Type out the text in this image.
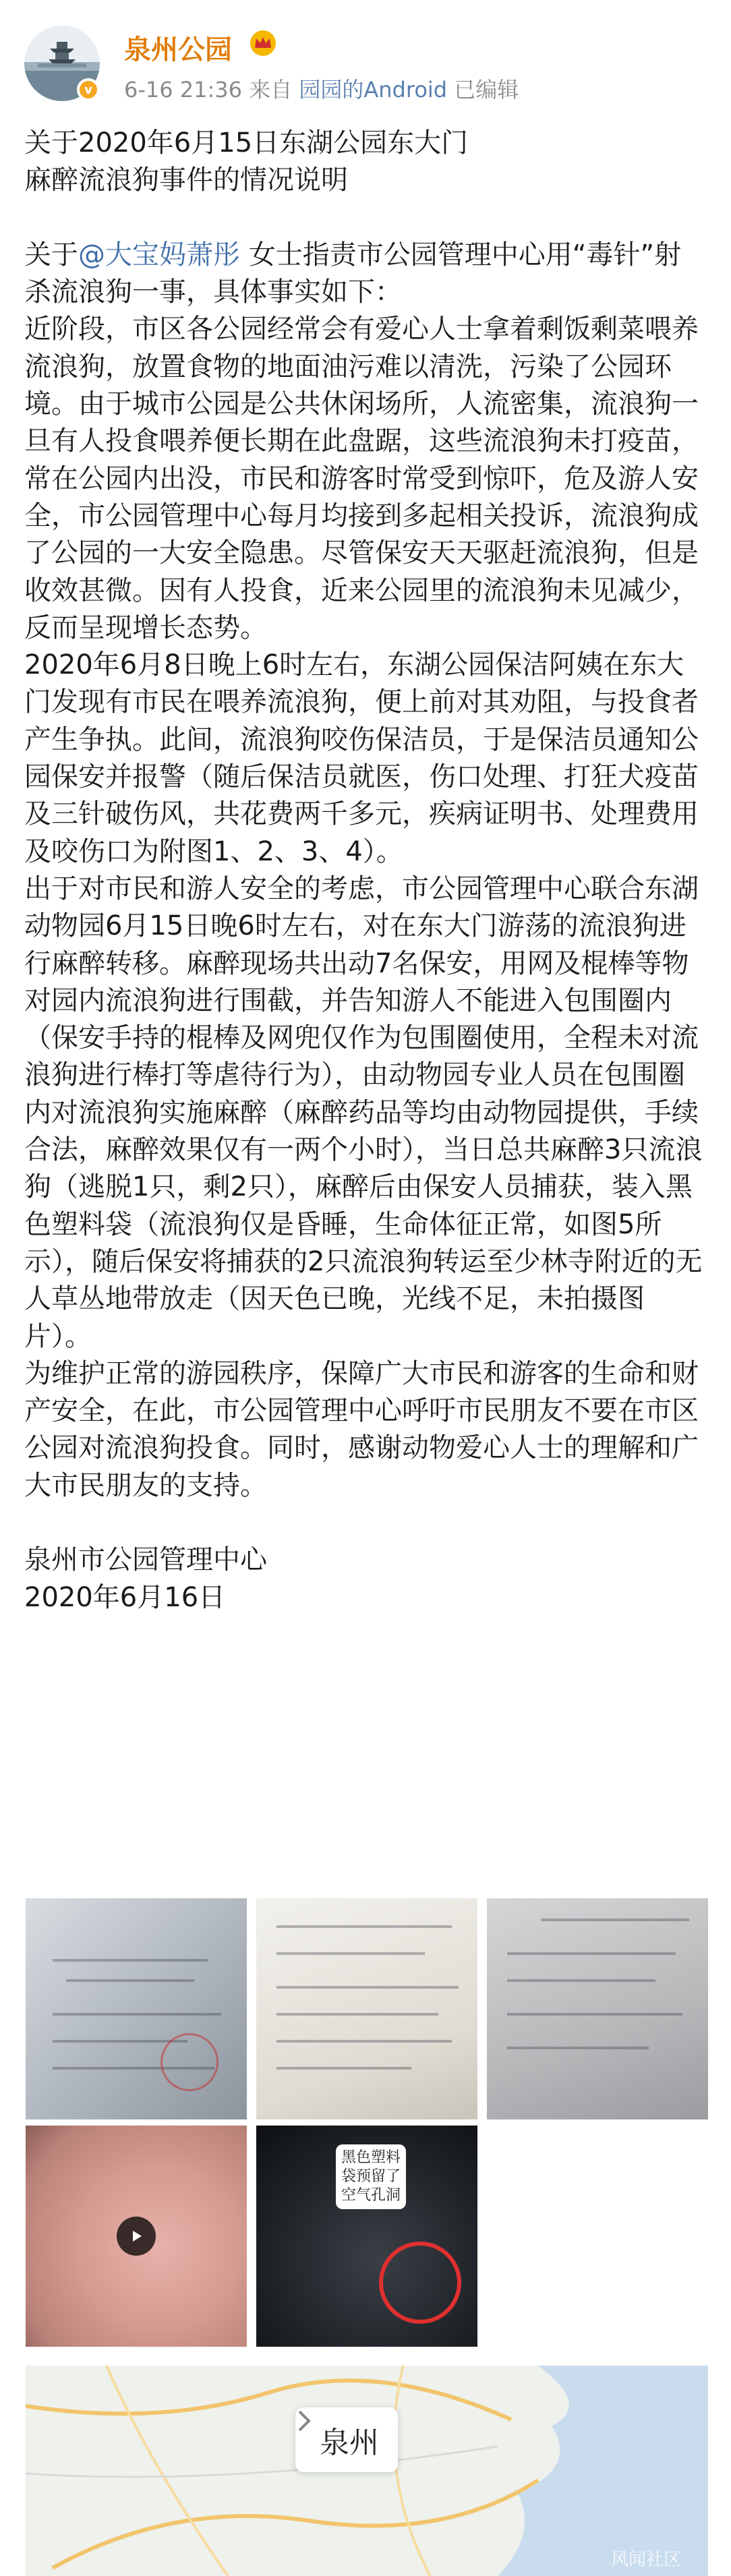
v
泉州公园
6-16 21:36 来自 园园的Android 已编辑
关于2020年6月15日东湖公园东大门
麻醉流浪狗事件的情况说明

关于@大宝妈萧彤 女士指责市公园管理中心用“毒针”射杀流浪狗一事，具体事实如下：
近阶段，市区各公园经常会有爱心人士拿着剩饭剩菜喂养流浪狗，放置食物的地面油污难以清洗，污染了公园环境。由于城市公园是公共休闲场所，人流密集，流浪狗一旦有人投食喂养便长期在此盘踞，这些流浪狗未打疫苗，常在公园内出没，市民和游客时常受到惊吓，危及游人安全，市公园管理中心每月均接到多起相关投诉，流浪狗成了公园的一大安全隐患。尽管保安天天驱赶流浪狗，但是收效甚微。因有人投食，近来公园里的流浪狗未见减少，反而呈现增长态势。
2020年6月8日晚上6时左右，东湖公园保洁阿姨在东大门发现有市民在喂养流浪狗，便上前对其劝阻，与投食者产生争执。此间，流浪狗咬伤保洁员，于是保洁员通知公园保安并报警（随后保洁员就医，伤口处理、打狂犬疫苗及三针破伤风，共花费两千多元，疾病证明书、处理费用及咬伤口为附图1、2、3、4）。
出于对市民和游人安全的考虑，市公园管理中心联合东湖动物园6月15日晚6时左右，对在东大门游荡的流浪狗进行麻醉转移。麻醉现场共出动7名保安，用网及棍棒等物对园内流浪狗进行围截，并告知游人不能进入包围圈内（保安手持的棍棒及网兜仅作为包围圈使用，全程未对流浪狗进行棒打等虐待行为），由动物园专业人员在包围圈内对流浪狗实施麻醉（麻醉药品等均由动物园提供，手续合法，麻醉效果仅有一两个小时），当日总共麻醉3只流浪狗（逃脱1只，剩2只），麻醉后由保安人员捕获，装入黑色塑料袋（流浪狗仅是昏睡，生命体征正常，如图5所示），随后保安将捕获的2只流浪狗转运至少林寺附近的无人草丛地带放走（因天色已晚，光线不足，未拍摄图片）。
为维护正常的游园秩序，保障广大市民和游客的生命和财产安全，在此，市公园管理中心呼吁市民朋友不要在市区公园对流浪狗投食。同时，感谢动物爱心人士的理解和广大市民朋友的支持。

泉州市公园管理中心
2020年6月16日
黑色塑料袋预留了空气孔洞
泉州
风闻社区
